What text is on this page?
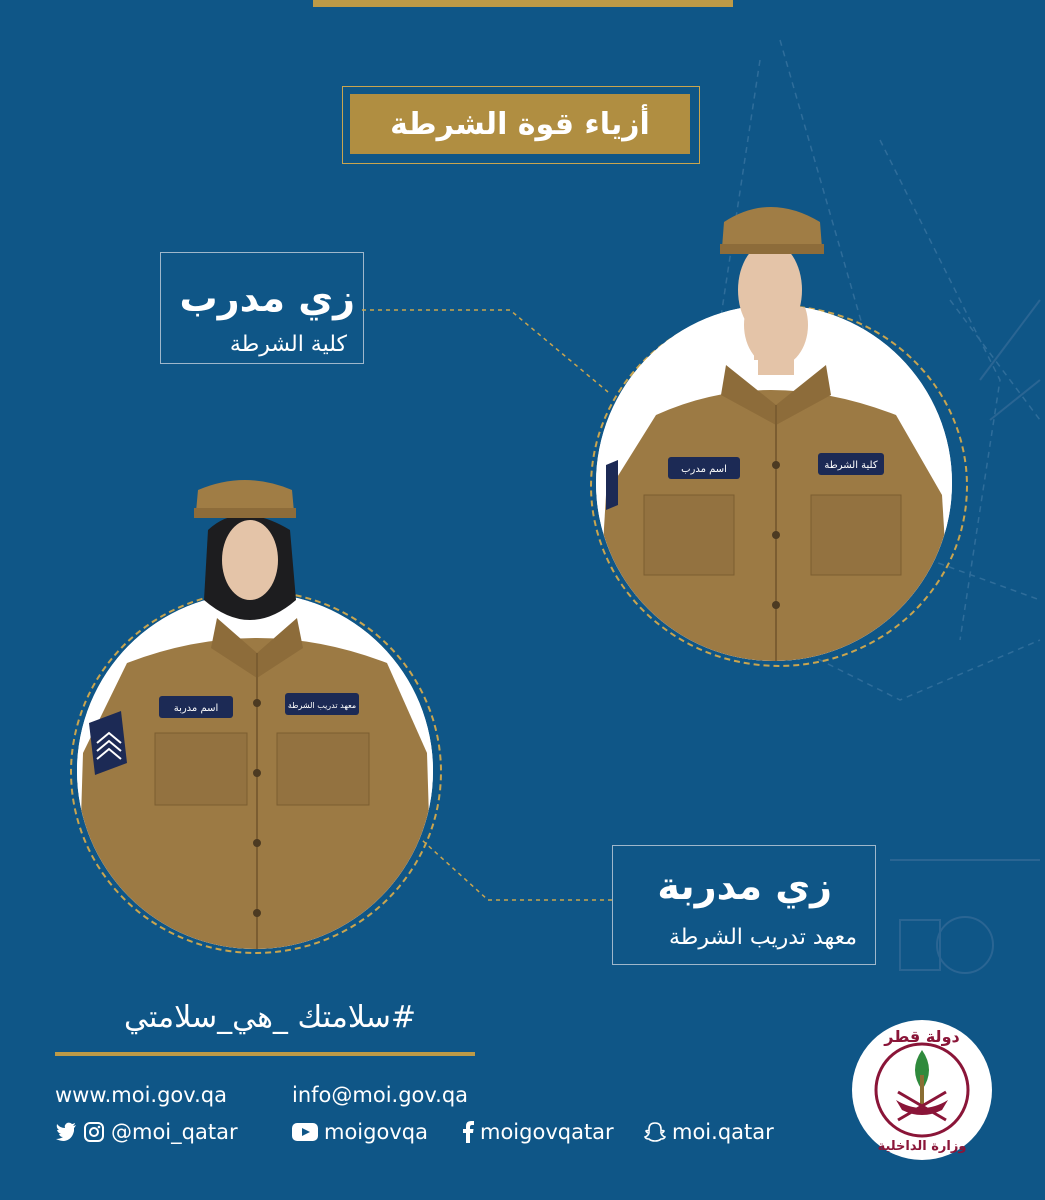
أزياء قوة الشرطة
زي مدرب
كلية الشرطة
زي مدربة
معهد تدريب الشرطة
اسم مدرب	كلية الشرطة
اسم مدربة	معهد تدريب الشرطة
#سلامتك _هي_سلامتي
www.moi.gov.qa	info@moi.gov.qa
@moi_qatar	moigovqa moigovqatar	moi.qatar
دولة قطر
وزارة الداخلية
